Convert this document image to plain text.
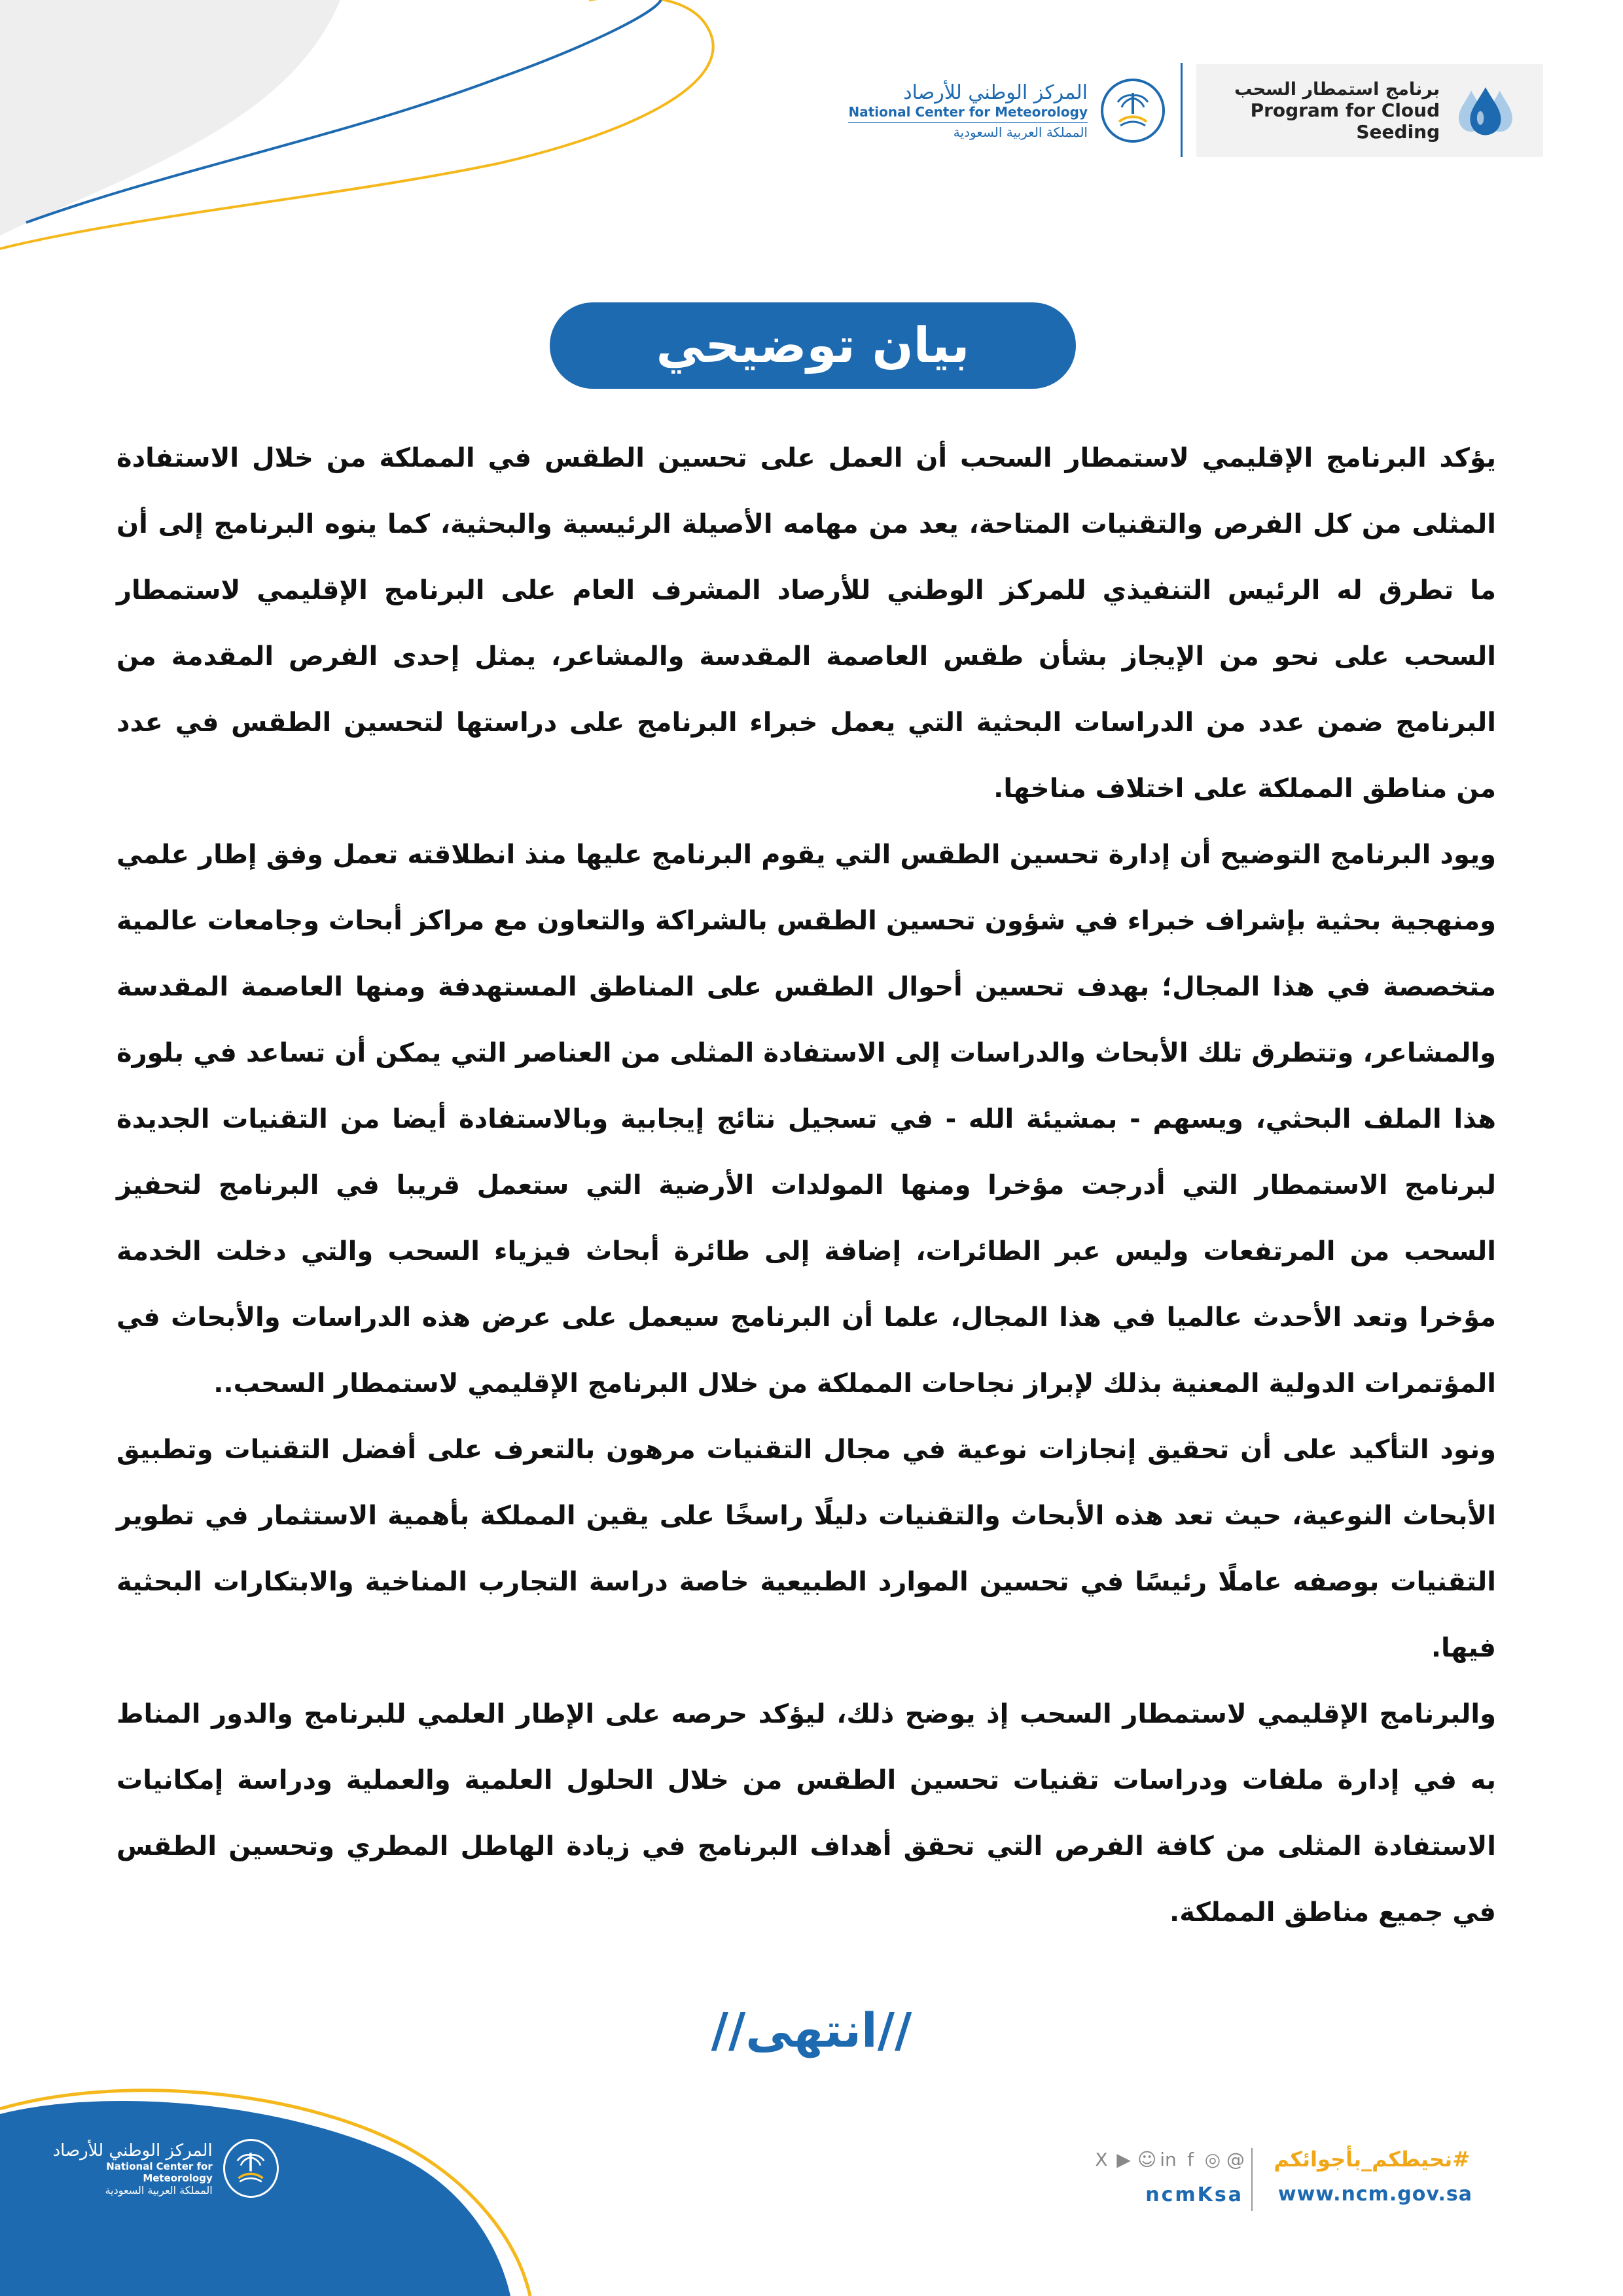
برنامج استمطار السحب
Program for Cloud Seeding
المركز الوطني للأرصاد
National Center for Meteorology
المملكة العربية السعودية
بيان توضيحي

يؤكد البرنامج الإقليمي لاستمطار السحب أن العمل على تحسين الطقس في المملكة من خلال الاستفادة المثلى من كل الفرص والتقنيات المتاحة، يعد من مهامه الأصيلة الرئيسية والبحثية، كما ينوه البرنامج إلى أن ما تطرق له الرئيس التنفيذي للمركز الوطني للأرصاد المشرف العام على البرنامج الإقليمي لاستمطار السحب على نحو من الإيجاز بشأن طقس العاصمة المقدسة والمشاعر، يمثل إحدى الفرص المقدمة من البرنامج ضمن عدد من الدراسات البحثية التي يعمل خبراء البرنامج على دراستها لتحسين الطقس في عدد من مناطق المملكة على اختلاف مناخها.

ويود البرنامج التوضيح أن إدارة تحسين الطقس التي يقوم البرنامج عليها منذ انطلاقته تعمل وفق إطار علمي ومنهجية بحثية بإشراف خبراء في شؤون تحسين الطقس بالشراكة والتعاون مع مراكز أبحاث وجامعات عالمية متخصصة في هذا المجال؛ بهدف تحسين أحوال الطقس على المناطق المستهدفة ومنها العاصمة المقدسة والمشاعر، وتتطرق تلك الأبحاث والدراسات إلى الاستفادة المثلى من العناصر التي يمكن أن تساعد في بلورة هذا الملف البحثي، ويسهم - بمشيئة الله - في تسجيل نتائج إيجابية وبالاستفادة أيضا من التقنيات الجديدة لبرنامج الاستمطار التي أدرجت مؤخرا ومنها المولدات الأرضية التي ستعمل قريبا في البرنامج لتحفيز السحب من المرتفعات وليس عبر الطائرات، إضافة إلى طائرة أبحاث فيزياء السحب والتي دخلت الخدمة مؤخرا وتعد الأحدث عالميا في هذا المجال، علما أن البرنامج سيعمل على عرض هذه الدراسات والأبحاث في المؤتمرات الدولية المعنية بذلك لإبراز نجاحات المملكة من خلال البرنامج الإقليمي لاستمطار السحب..

ونود التأكيد على أن تحقيق إنجازات نوعية في مجال التقنيات مرهون بالتعرف على أفضل التقنيات وتطبيق الأبحاث النوعية، حيث تعد هذه الأبحاث والتقنيات دليلًا راسخًا على يقين المملكة بأهمية الاستثمار في تطوير التقنيات بوصفه عاملًا رئيسًا في تحسين الموارد الطبيعية خاصة دراسة التجارب المناخية والابتكارات البحثية فيها.

والبرنامج الإقليمي لاستمطار السحب إذ يوضح ذلك، ليؤكد حرصه على الإطار العلمي للبرنامج والدور المناط به في إدارة ملفات ودراسات تقنيات تحسين الطقس من خلال الحلول العلمية والعملية ودراسة إمكانيات الاستفادة المثلى من كافة الفرص التي تحقق أهداف البرنامج في زيادة الهاطل المطري وتحسين الطقس في جميع مناطق المملكة.

//انتهى//
المركز الوطني للأرصاد
National Center for Meteorology
المملكة العربية السعودية
X ▶ ☺ in f ◎ @
ncmKsa
#نحيطكم_بأجوائكم
www.ncm.gov.sa
